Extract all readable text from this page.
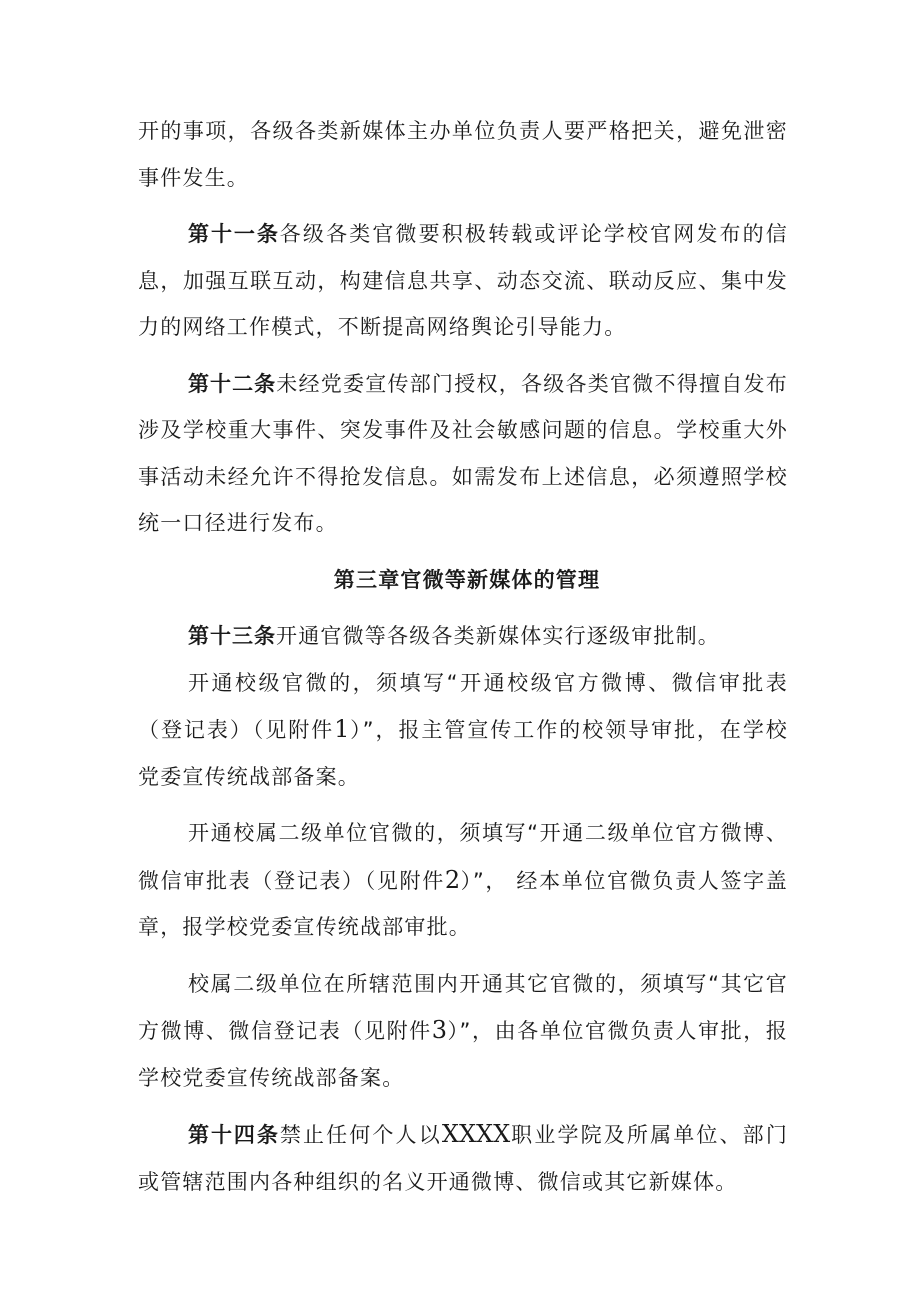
开的事项，各级各类新媒体主办单位负责人要严格把关，避免泄密事件发生。

第十一条各级各类官微要积极转载或评论学校官网发布的信息，加强互联互动，构建信息共享、动态交流、联动反应、集中发力的网络工作模式，不断提高网络舆论引导能力。

第十二条未经党委宣传部门授权，各级各类官微不得擅自发布涉及学校重大事件、突发事件及社会敏感问题的信息。学校重大外事活动未经允许不得抢发信息。如需发布上述信息，必须遵照学校统一口径进行发布。

第三章官微等新媒体的管理

第十三条开通官微等各级各类新媒体实行逐级审批制。

开通校级官微的，须填写“开通校级官方微博、微信审批表（登记表）（见附件1）”，报主管宣传工作的校领导审批，在学校党委宣传统战部备案。

开通校属二级单位官微的，须填写“开通二级单位官方微博、微信审批表（登记表）（见附件2）”， 经本单位官微负责人签字盖章，报学校党委宣传统战部审批。

校属二级单位在所辖范围内开通其它官微的，须填写“其它官方微博、微信登记表（见附件3）”，由各单位官微负责人审批，报学校党委宣传统战部备案。

第十四条禁止任何个人以XXXX职业学院及所属单位、部门或管辖范围内各种组织的名义开通微博、微信或其它新媒体。
